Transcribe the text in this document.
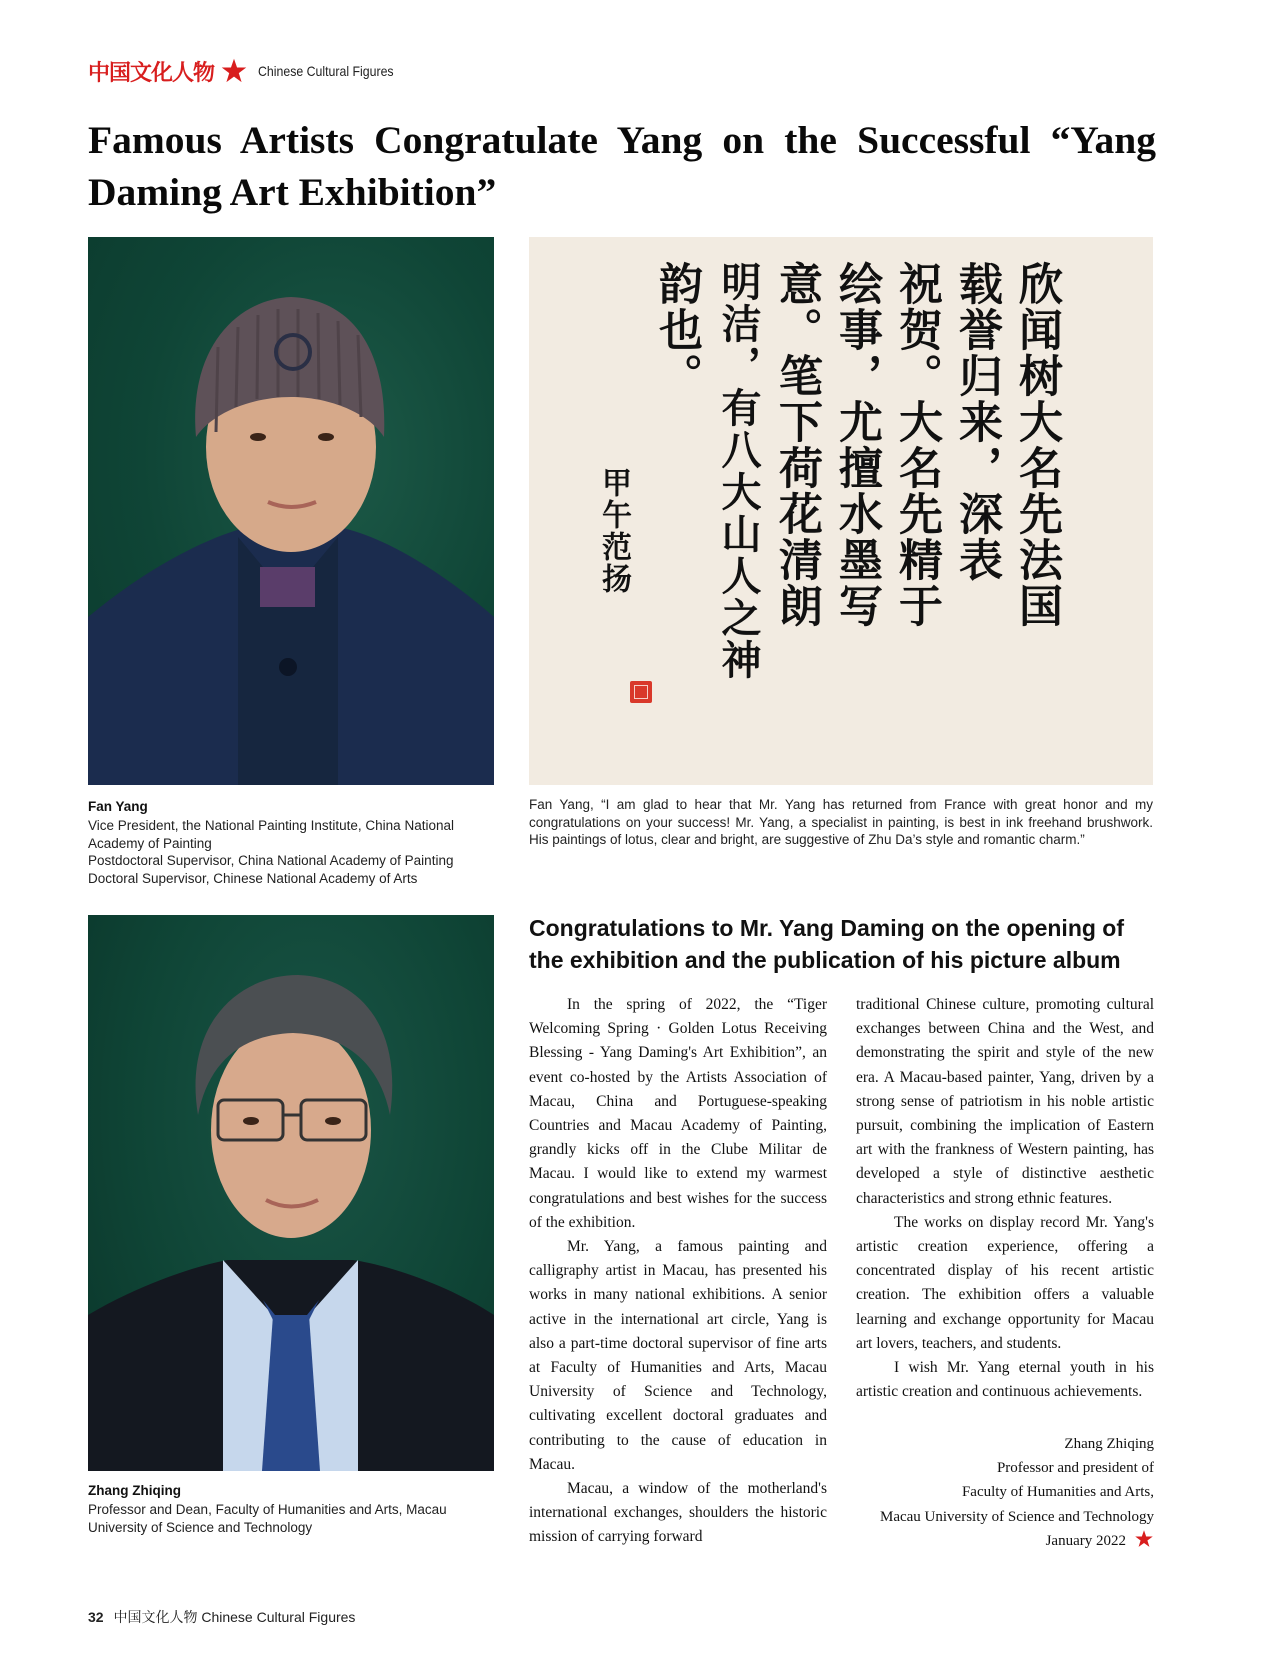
中国文化人物	Chinese Cultural Figures
Famous Artists Congratulate Yang on the Successful “Yang Daming Art Exhibition”
欣闻树大名先法国
载誉归来，深表
祝贺。大名先精于
绘事，尤擅水墨写
意。笔下荷花清朗
明洁，有八大山人之神
韵也。
甲午范扬
Fan Yang
Vice President, the National Painting Institute, China National Academy of Painting
Postdoctoral Supervisor, China National Academy of Painting
Doctoral Supervisor, Chinese National Academy of Arts
Fan Yang, “I am glad to hear that Mr. Yang has returned from France with great honor and my congratulations on your success! Mr. Yang, a specialist in painting, is best in ink freehand brushwork. His paintings of lotus, clear and bright, are suggestive of Zhu Da’s style and romantic charm.”
Zhang Zhiqing
Professor and Dean, Faculty of Humanities and Arts, Macau University of Science and Technology
Congratulations to Mr. Yang Daming on the opening of the exhibition and the publication of his picture album

In the spring of 2022, the “Tiger Welcoming Spring · Golden Lotus Receiving Blessing - Yang Daming's Art Exhibition”, an event co-hosted by the Artists Association of Macau, China and Portuguese-speaking Countries and Macau Academy of Painting, grandly kicks off in the Clube Militar de Macau. I would like to extend my warmest congratulations and best wishes for the success of the exhibition.

Mr. Yang, a famous painting and calligraphy artist in Macau, has presented his works in many national exhibitions. A senior active in the international art circle, Yang is also a part-time doctoral supervisor of fine arts at Faculty of Humanities and Arts, Macau University of Science and Technology, cultivating excellent doctoral graduates and contributing to the cause of education in Macau.

Macau, a window of the motherland's international exchanges, shoulders the historic mission of carrying forward

traditional Chinese culture, promoting cultural exchanges between China and the West, and demonstrating the spirit and style of the new era. A Macau-based painter, Yang, driven by a strong sense of patriotism in his noble artistic pursuit, combining the implication of Eastern art with the frankness of Western painting, has developed a style of distinctive aesthetic characteristics and strong ethnic features.

The works on display record Mr. Yang's artistic creation experience, offering a concentrated display of his recent artistic creation. The exhibition offers a valuable learning and exchange opportunity for Macau art lovers, teachers, and students.

I wish Mr. Yang eternal youth in his artistic creation and continuous achievements.

Zhang Zhiqing
Professor and president of
Faculty of Humanities and Arts,
Macau University of Science and Technology
January 2022
32 中国文化人物 Chinese Cultural Figures
